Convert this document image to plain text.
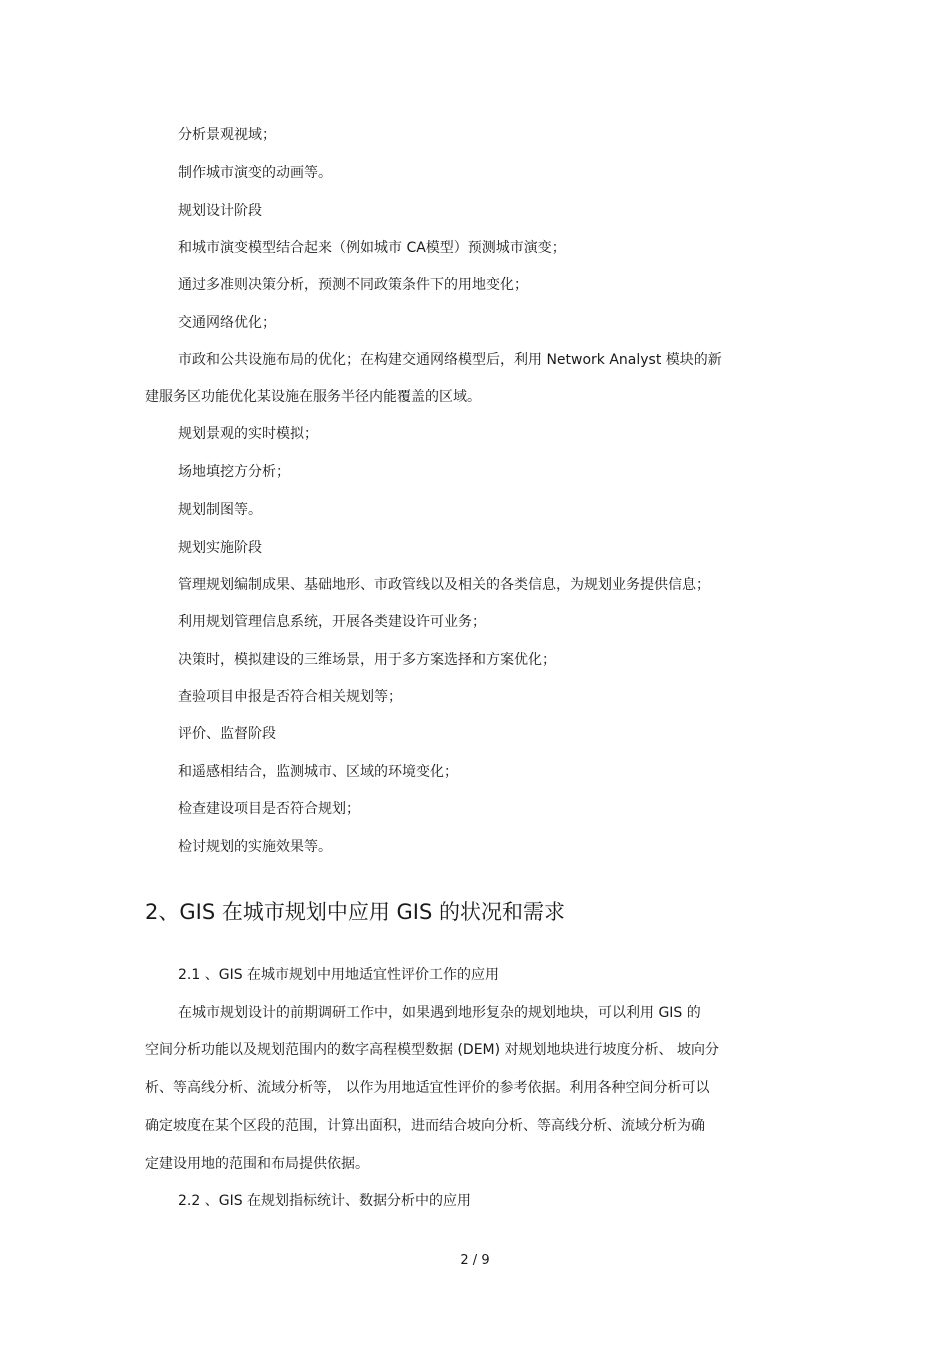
分析景观视域；
制作城市演变的动画等。
规划设计阶段
和城市演变模型结合起来（例如城市 CA模型）预测城市演变；
通过多准则决策分析，预测不同政策条件下的用地变化；
交通网络优化；
市政和公共设施布局的优化；在构建交通网络模型后，利用 Network Analyst 模块的新
建服务区功能优化某设施在服务半径内能覆盖的区域。
规划景观的实时模拟；
场地填挖方分析；
规划制图等。
规划实施阶段
管理规划编制成果、基础地形、市政管线以及相关的各类信息，为规划业务提供信息；
利用规划管理信息系统，开展各类建设许可业务；
决策时，模拟建设的三维场景，用于多方案选择和方案优化；
查验项目申报是否符合相关规划等；
评价、监督阶段
和遥感相结合，监测城市、区域的环境变化；
检查建设项目是否符合规划；
检讨规划的实施效果等。
2、GIS 在城市规划中应用 GIS 的状况和需求
2.1 、GIS 在城市规划中用地适宜性评价工作的应用
在城市规划设计的前期调研工作中，如果遇到地形复杂的规划地块，可以利用 GIS 的
空间分析功能以及规划范围内的数字高程模型数据 (DEM) 对规划地块进行坡度分析、 坡向分
析、等高线分析、流域分析等， 以作为用地适宜性评价的参考依据。利用各种空间分析可以
确定坡度在某个区段的范围，计算出面积，进而结合坡向分析、等高线分析、流域分析为确
定建设用地的范围和布局提供依据。
2.2 、GIS 在规划指标统计、数据分析中的应用
2 / 9
